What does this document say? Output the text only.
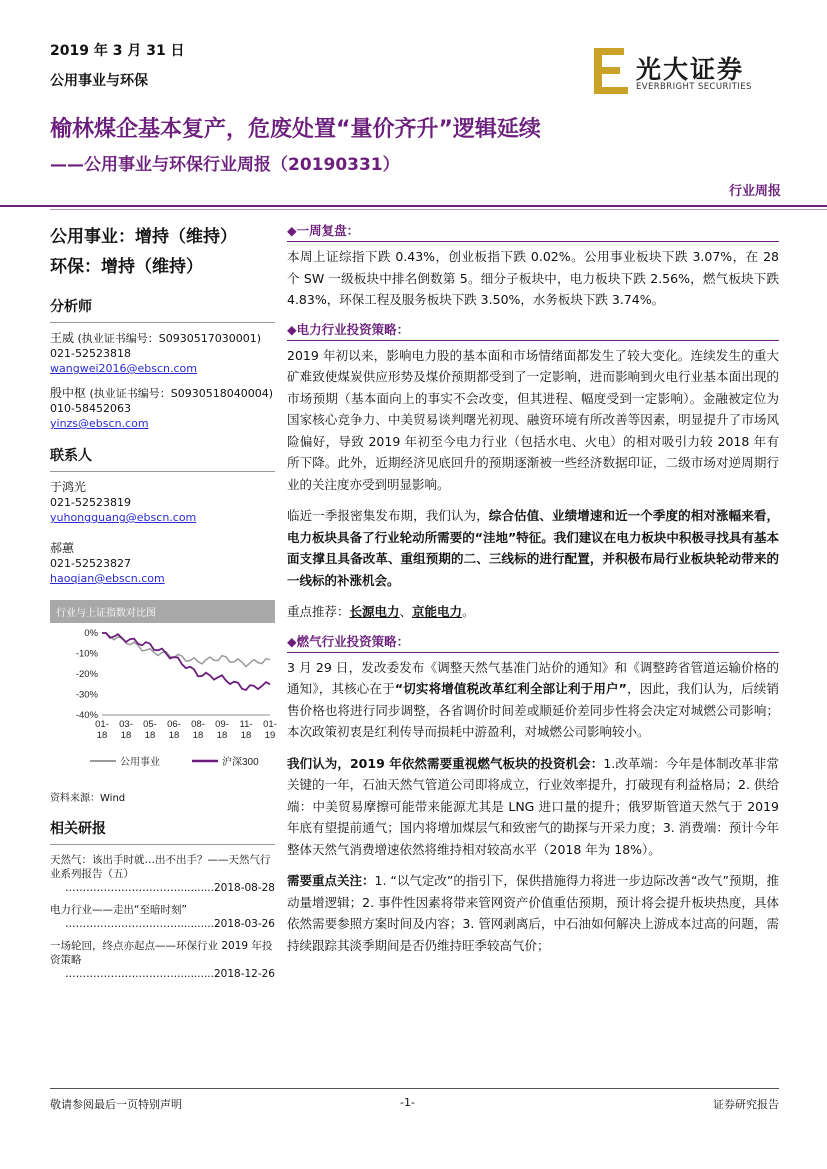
2019 年 3 月 31 日
公用事业与环保	光大证券
EVERBRIGHT SECURITIES
榆林煤企基本复产，危废处置“量价齐升”逻辑延续
——公用事业与环保行业周报（20190331）
行业周报
公用事业：增持（维持）
环保：增持（维持）
分析师
王威 (执业证书编号：S0930517030001)
021-52523818
wangwei2016@ebscn.com
殷中枢 (执业证书编号：S0930518040004)
010-58452063
yinzs@ebscn.com
联系人
于鸿光
021-52523819
yuhongguang@ebscn.com
郝蕙
021-52523827
haoqian@ebscn.com
行业与上证指数对比图
0%
-10%
-20%
-30%
-40%
01-
18
03-
18
05-
18
06-
18
08-
18
09-
18
11-
18
01-
19
公用事业	沪深300
资料来源：Wind
相关研报
天然气：该出手时就…出不出手？——天然气行业系列报告（五）
……………………………..........2018-08-28
电力行业——走出“至暗时刻”
……………………………..........2018-03-26
一场轮回，终点亦起点——环保行业 2019 年投资策略
……………………………..........2018-12-26
◆一周复盘：
本周上证综指下跌 0.43%，创业板指下跌 0.02%。公用事业板块下跌 3.07%，在 28 个 SW 一级板块中排名倒数第 5。细分子板块中，电力板块下跌 2.56%，燃气板块下跌 4.83%，环保工程及服务板块下跌 3.50%，水务板块下跌 3.74%。
◆电力行业投资策略：
2019 年初以来，影响电力股的基本面和市场情绪面都发生了较大变化。连续发生的重大矿难致使煤炭供应形势及煤价预期都受到了一定影响，进而影响到火电行业基本面出现的市场预期（基本面向上的事实不会改变，但其进程、幅度受到一定影响）。金融被定位为国家核心竞争力、中美贸易谈判曙光初现、融资环境有所改善等因素，明显提升了市场风险偏好，导致 2019 年初至今电力行业（包括水电、火电）的相对吸引力较 2018 年有所下降。此外，近期经济见底回升的预期逐渐被一些经济数据印证，二级市场对逆周期行业的关注度亦受到明显影响。
临近一季报密集发布期，我们认为，综合估值、业绩增速和近一个季度的相对涨幅来看，电力板块具备了行业轮动所需要的“洼地”特征。我们建议在电力板块中积极寻找具有基本面支撑且具备改革、重组预期的二、三线标的进行配置，并积极布局行业板块轮动带来的一线标的补涨机会。
重点推荐：长源电力、京能电力。
◆燃气行业投资策略：
3 月 29 日，发改委发布《调整天然气基准门站价的通知》和《调整跨省管道运输价格的通知》，其核心在于“切实将增值税改革红利全部让利于用户”，因此，我们认为，后续销售价格也将进行同步调整，各省调价时间差或顺延价差同步性将会决定对城燃公司影响；本次政策初衷是红利传导而损耗中游盈利，对城燃公司影响较小。
我们认为，2019 年依然需要重视燃气板块的投资机会：1.改革端：今年是体制改革非常关键的一年，石油天然气管道公司即将成立，行业效率提升，打破现有利益格局；2. 供给端：中美贸易摩擦可能带来能源尤其是 LNG 进口量的提升；俄罗斯管道天然气于 2019 年底有望提前通气；国内将增加煤层气和致密气的勘探与开采力度；3. 消费端：预计今年整体天然气消费增速依然将维持相对较高水平（2018 年为 18%）。
需要重点关注：1. “以气定改”的指引下，保供措施得力将进一步边际改善“改气”预期，推动量增逻辑；2. 事件性因素将带来管网资产价值重估预期，预计将会提升板块热度，具体依然需要参照方案时间及内容；3. 管网剥离后，中石油如何解决上游成本过高的问题，需持续跟踪其淡季期间是否仍维持旺季较高气价；
敬请参阅最后一页特别声明	-1-	证券研究报告
